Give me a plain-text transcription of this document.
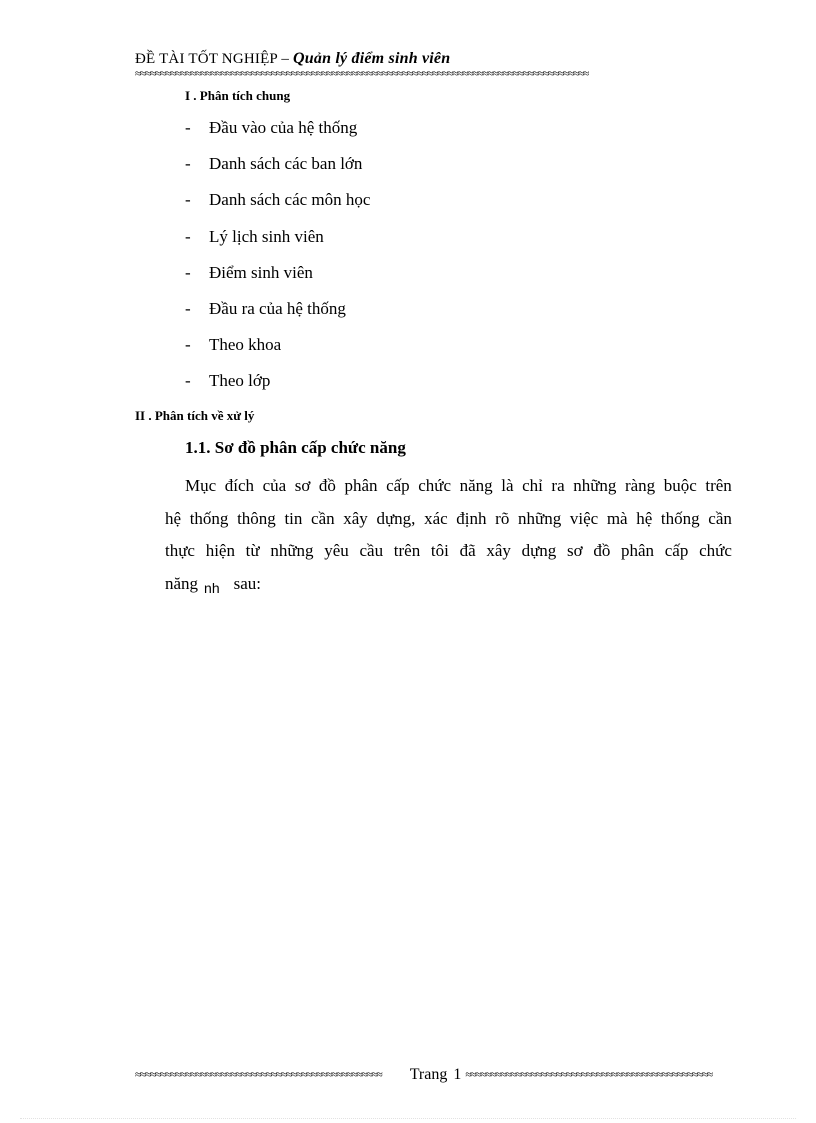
ĐỀ TÀI TỐT NGHIỆP – Quản lý điểm sinh viên
≈≈≈≈≈≈≈≈≈≈≈≈≈≈≈≈≈≈≈≈≈≈≈≈≈≈≈≈≈≈≈≈≈≈≈≈≈≈≈≈≈≈≈≈≈≈≈≈≈≈≈≈≈≈≈≈≈≈≈≈≈≈≈≈≈≈≈≈≈≈≈≈≈≈≈≈≈≈≈≈≈≈≈≈≈≈≈≈≈≈
I . Phân tích chung
-	Đầu vào của hệ thống
-	Danh sách các ban lớn
-	Danh sách các môn học
-	Lý lịch sinh viên
-	Điểm sinh viên
-	Đầu ra của hệ thống
-	Theo khoa
-	Theo lớp
II . Phân tích về xử lý
1.1. Sơ đồ phân cấp chức năng
Mục đích của sơ đồ phân cấp chức năng là chỉ ra những ràng buộc trên
hệ thống thông tin cần xây dựng, xác định rõ những việc mà hệ thống cần
thực hiện từ những yêu cầu trên tôi đã xây dựng sơ đồ phân cấp chức
năng nh sau:
≈≈≈≈≈≈≈≈≈≈≈≈≈≈≈≈≈≈≈≈≈≈≈≈≈≈≈≈≈≈≈≈≈≈≈≈≈≈≈≈≈≈≈≈≈≈≈≈≈	Trang 1 ≈≈≈≈≈≈≈≈≈≈≈≈≈≈≈≈≈≈≈≈≈≈≈≈≈≈≈≈≈≈≈≈≈≈≈≈≈≈≈≈≈≈≈≈≈≈≈≈≈
